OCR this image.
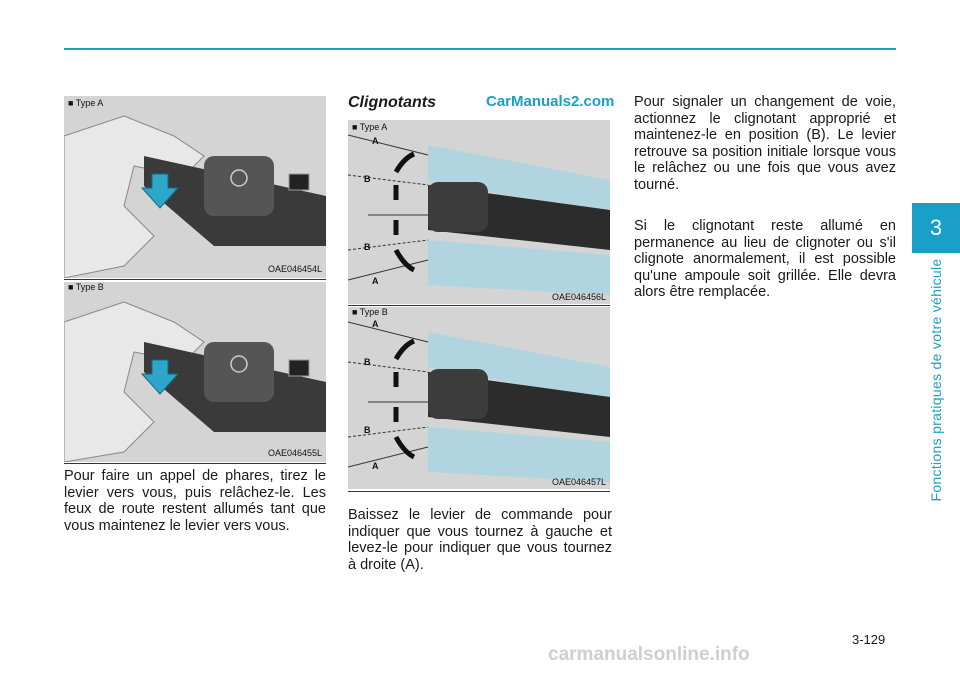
3
Fonctions pratiques de votre véhicule
■ Type A
OAE046454L
■ Type B
OAE046455L

Pour faire un appel de phares, tirez le levier vers vous, puis relâchez-le. Les feux de route restent allumés tant que vous maintenez le levier vers vous.

Clignotants	CarManuals2.com
■ Type A
A
B
B
A
OAE046456L
■ Type B
A
B
B
A
OAE046457L

Baissez le levier de commande pour indiquer que vous tournez à gauche et levez-le pour indiquer que vous tournez à droite (A).

Pour signaler un changement de voie, actionnez le clignotant approprié et maintenez-le en position (B). Le levier retrouve sa position initiale lorsque vous le relâchez ou une fois que vous avez tourné.

Si le clignotant reste allumé en permanence au lieu de clignoter ou s'il clignote anormalement, il est possible qu'une ampoule soit grillée. Elle devra alors être remplacée.

3-129
carmanualsonline.info
